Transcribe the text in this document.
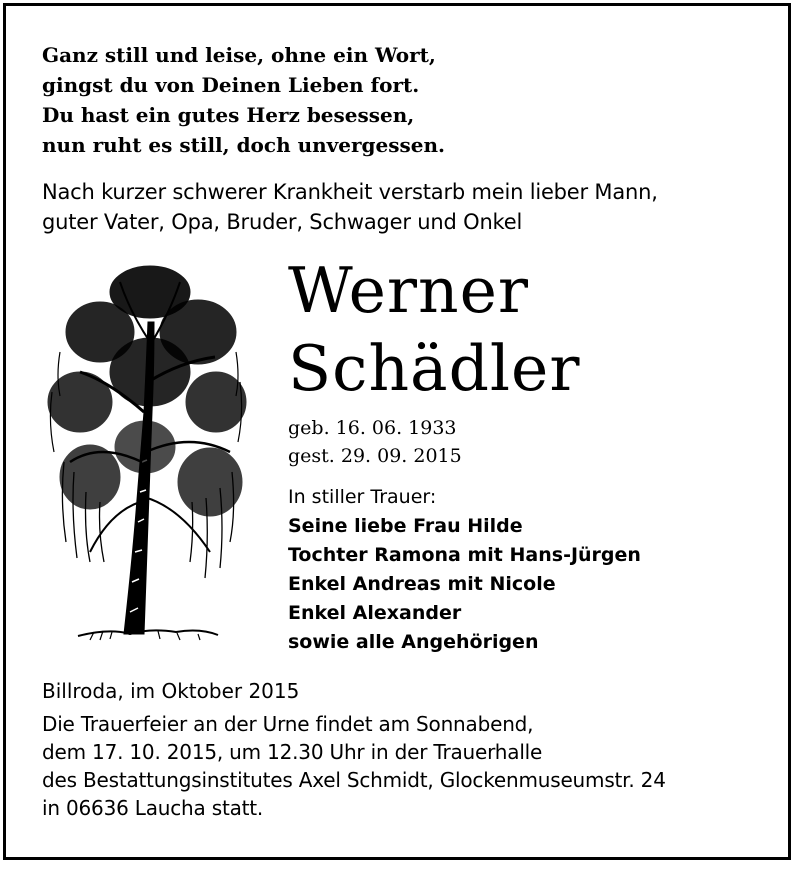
Ganz still und leise, ohne ein Wort,
gingst du von Deinen Lieben fort.
Du hast ein gutes Herz besessen,
nun ruht es still, doch unvergessen.
Nach kurzer schwerer Krankheit verstarb mein lieber Mann,
guter Vater, Opa, Bruder, Schwager und Onkel
Werner
Schädler
geb. 16. 06. 1933
gest. 29. 09. 2015
In stiller Trauer:
Seine liebe Frau Hilde
Tochter Ramona mit Hans-Jürgen
Enkel Andreas mit Nicole
Enkel Alexander
sowie alle Angehörigen
Billroda, im Oktober 2015
Die Trauerfeier an der Urne findet am Sonnabend,
dem 17. 10. 2015, um 12.30 Uhr in der Trauerhalle
des Bestattungsinstitutes Axel Schmidt, Glockenmuseumstr. 24
in 06636 Laucha statt.
